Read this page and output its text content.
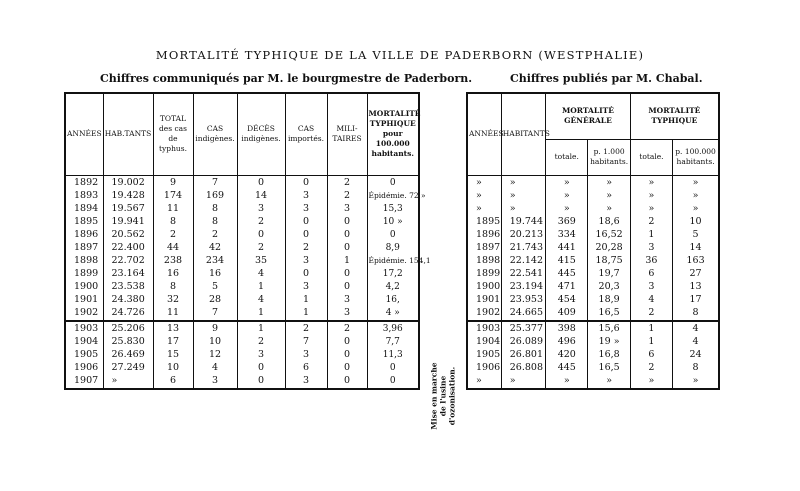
MORTALITÉ TYPHIQUE DE LA VILLE DE PADERBORN (WESTPHALIE)
Chiffres communiqués par M. le bourgmestre de Paderborn.	Chiffres publiés par M. Chabal.
ANNÉES	HAB.TANTS	TOTAL des cas de typhus.	CAS indigènes.	DÉCÈS indigènes.	CAS importés.	MILI- TAIRES	MORTALITÉ TYPHIQUE pour 100.000 habitants.
1892	19.002	9	7	0	0	2	0
1893	19.428	174	169	14	3	2	Épidémie. 72 »
1894	19.567	11	8	3	3	3	15,3
1895	19.941	8	8	2	0	0	10 »
1896	20.562	2	2	0	0	0	0
1897	22.400	44	42	2	2	0	8,9
1898	22.702	238	234	35	3	1	Épidémie. 154,1
1899	23.164	16	16	4	0	0	17,2
1900	23.538	8	5	1	3	0	4,2
1901	24.380	32	28	4	1	3	16,
1902	24.726	11	7	1	1	3	4 »
1903	25.206	13	9	1	2	2	3,96
1904	25.830	17	10	2	7	0	7,7
1905	26.469	15	12	3	3	0	11,3
1906	27.249	10	4	0	6	0	0
1907	»	6	3	0	3	0	0	Mise en marche de l'usine d'ozonisation.
ANNÉES	HABITANTS	MORTALITÉ GÉNÉRALE		MORTALITÉ TYPHIQUE	
		totale.	p. 1.000 habitants.	totale.	p. 100.000 habitants.
»	»	»	»	»	»
»	»	»	»	»	»
»	»	»	»	»	»
1895	19.744	369	18,6	2	10
1896	20.213	334	16,52	1	5
1897	21.743	441	20,28	3	14
1898	22.142	415	18,75	36	163
1899	22.541	445	19,7	6	27
1900	23.194	471	20,3	3	13
1901	23.953	454	18,9	4	17
1902	24.665	409	16,5	2	8
1903	25.377	398	15,6	1	4
1904	26.089	496	19 »	1	4
1905	26.801	420	16,8	6	24
1906	26.808	445	16,5	2	8
»	»	»	»	»	»
